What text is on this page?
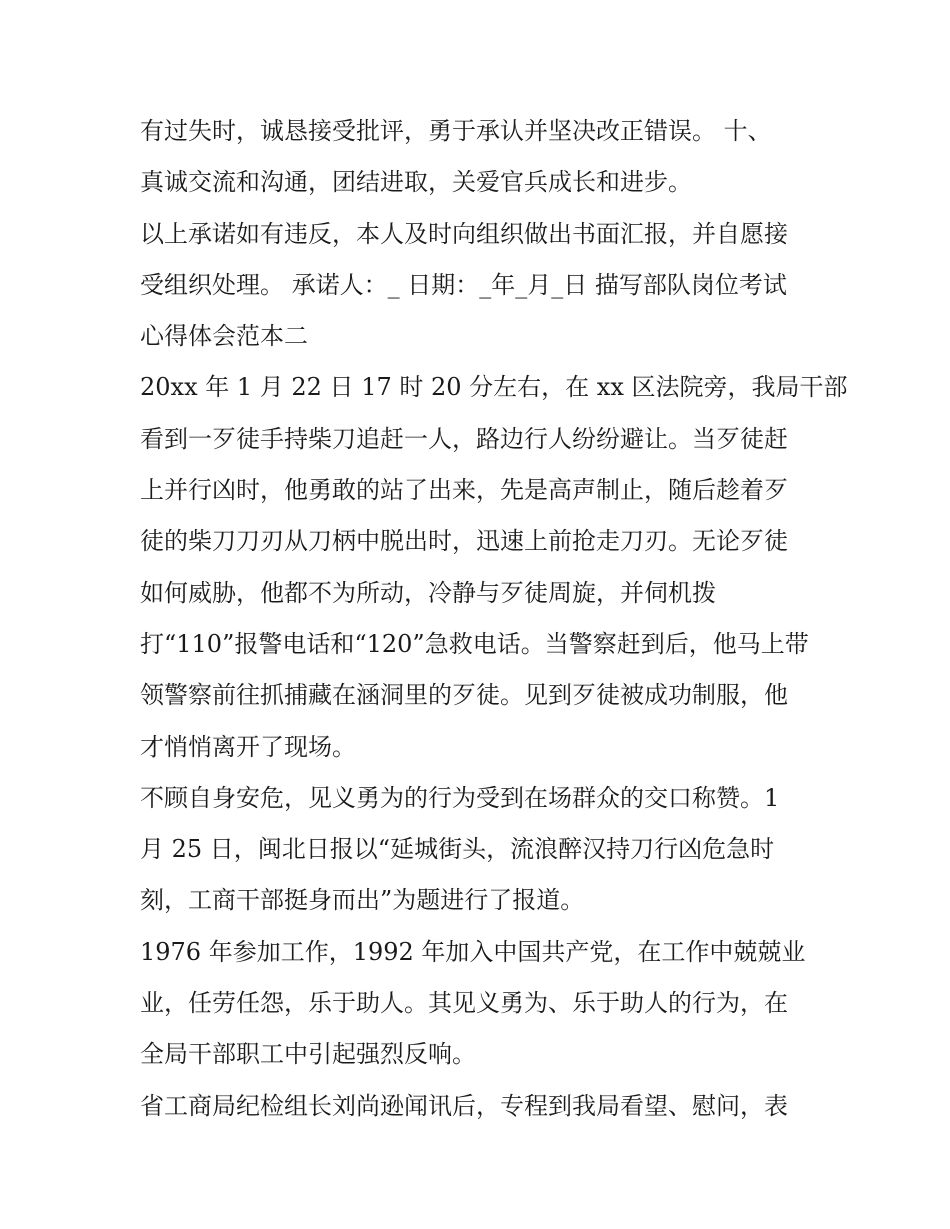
有过失时，诚恳接受批评，勇于承认并坚决改正错误。 十、
真诚交流和沟通，团结进取，关爱官兵成长和进步。
以上承诺如有违反，本人及时向组织做出书面汇报，并自愿接
受组织处理。 承诺人：_ 日期：_年_月_日 描写部队岗位考试
心得体会范本二
20xx 年 1 月 22 日 17 时 20 分左右，在 xx 区法院旁，我局干部
看到一歹徒手持柴刀追赶一人，路边行人纷纷避让。当歹徒赶
上并行凶时，他勇敢的站了出来，先是高声制止，随后趁着歹
徒的柴刀刀刃从刀柄中脱出时，迅速上前抢走刀刃。无论歹徒
如何威胁，他都不为所动，冷静与歹徒周旋，并伺机拨
打“110”报警电话和“120”急救电话。当警察赶到后，他马上带
领警察前往抓捕藏在涵洞里的歹徒。见到歹徒被成功制服，他
才悄悄离开了现场。
不顾自身安危，见义勇为的行为受到在场群众的交口称赞。1
月 25 日，闽北日报以“延城街头，流浪醉汉持刀行凶危急时
刻，工商干部挺身而出”为题进行了报道。
1976 年参加工作，1992 年加入中国共产党，在工作中兢兢业
业，任劳任怨，乐于助人。其见义勇为、乐于助人的行为，在
全局干部职工中引起强烈反响。
省工商局纪检组长刘尚逊闻讯后，专程到我局看望、慰问，表
